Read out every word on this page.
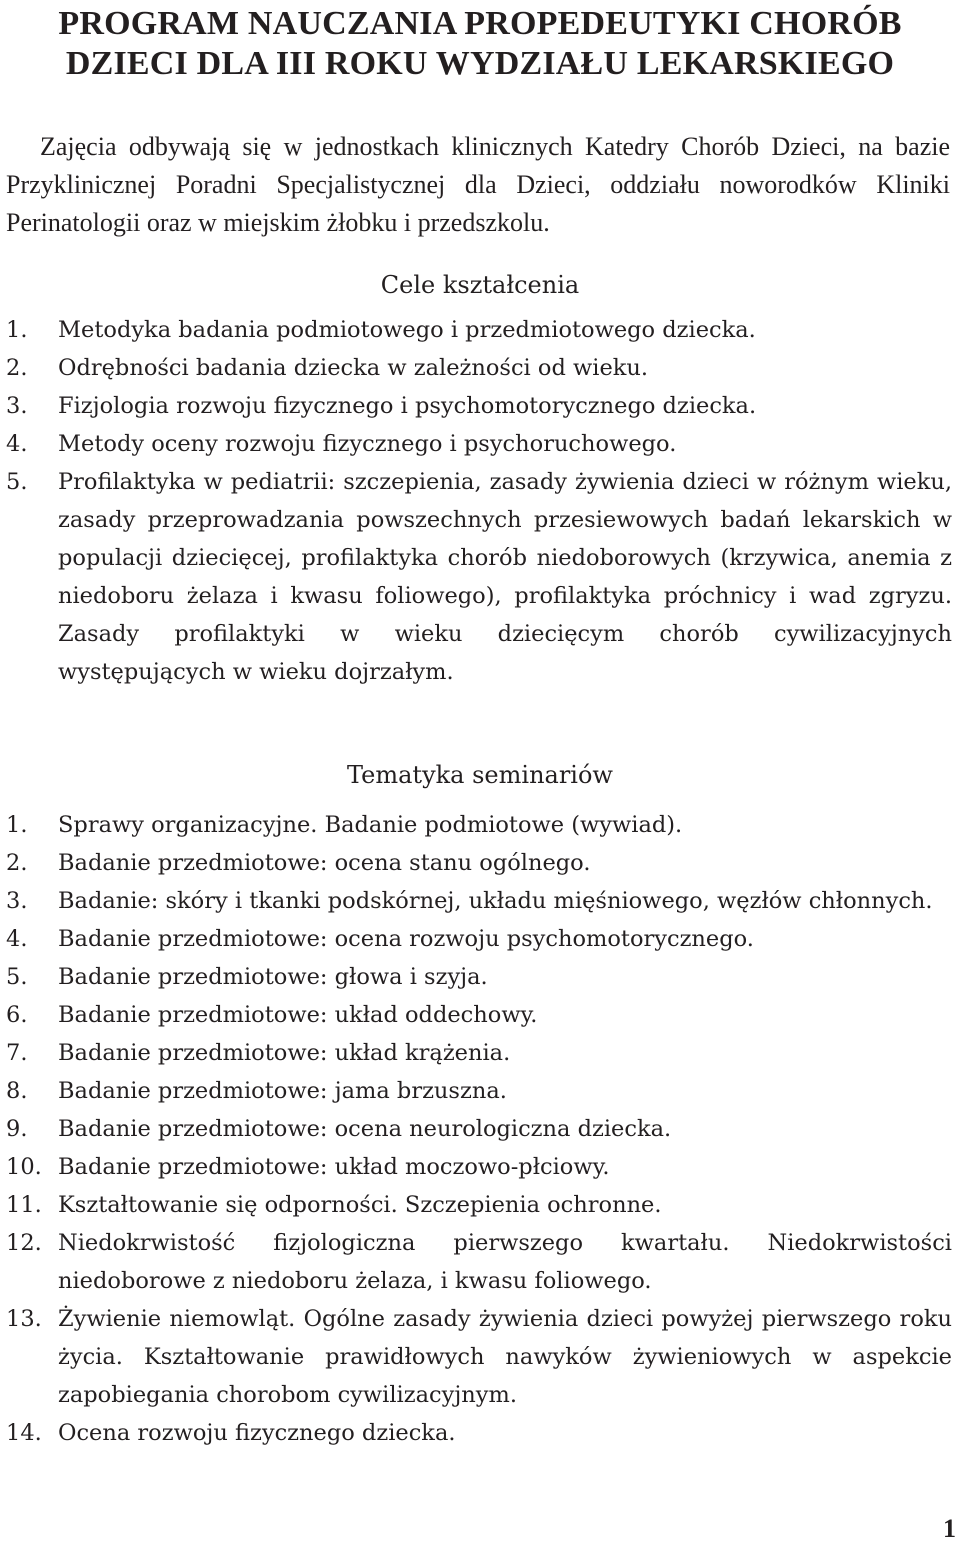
PROGRAM NAUCZANIA PROPEDEUTYKI CHORÓB DZIECI DLA III ROKU WYDZIAŁU LEKARSKIEGO

Zajęcia odbywają się w jednostkach klinicznych Katedry Chorób Dzieci, na bazie Przyklinicznej Poradni Specjalistycznej dla Dzieci, oddziału noworodków Kliniki Perinatologii oraz w miejskim żłobku i przedszkolu.

Cele kształcenia
1. Metodyka badania podmiotowego i przedmiotowego dziecka.
2. Odrębności badania dziecka w zależności od wieku.
3. Fizjologia rozwoju fizycznego i psychomotorycznego dziecka.
4. Metody oceny rozwoju fizycznego i psychoruchowego.
5. Profilaktyka w pediatrii: szczepienia, zasady żywienia dzieci w różnym wieku, zasady przeprowadzania powszechnych przesiewowych badań lekarskich w populacji dziecięcej, profilaktyka chorób niedoborowych (krzywica, anemia z niedoboru żelaza i kwasu foliowego), profilaktyka próchnicy i wad zgryzu. Zasady profilaktyki w wieku dziecięcym chorób cywilizacyjnych występujących w wieku dojrzałym.
Tematyka seminariów
1. Sprawy organizacyjne. Badanie podmiotowe (wywiad).
2. Badanie przedmiotowe: ocena stanu ogólnego.
3. Badanie: skóry i tkanki podskórnej, układu mięśniowego, węzłów chłonnych.
4. Badanie przedmiotowe: ocena rozwoju psychomotorycznego.
5. Badanie przedmiotowe: głowa i szyja.
6. Badanie przedmiotowe: układ oddechowy.
7. Badanie przedmiotowe: układ krążenia.
8. Badanie przedmiotowe: jama brzuszna.
9. Badanie przedmiotowe: ocena neurologiczna dziecka.
10. Badanie przedmiotowe: układ moczowo-płciowy.
11. Kształtowanie się odporności. Szczepienia ochronne.
12. Niedokrwistość fizjologiczna pierwszego kwartału. Niedokrwistości niedoborowe z niedoboru żelaza, i kwasu foliowego.
13. Żywienie niemowląt. Ogólne zasady żywienia dzieci powyżej pierwszego roku życia. Kształtowanie prawidłowych nawyków żywieniowych w aspekcie zapobiegania chorobom cywilizacyjnym.
14. Ocena rozwoju fizycznego dziecka.
1
